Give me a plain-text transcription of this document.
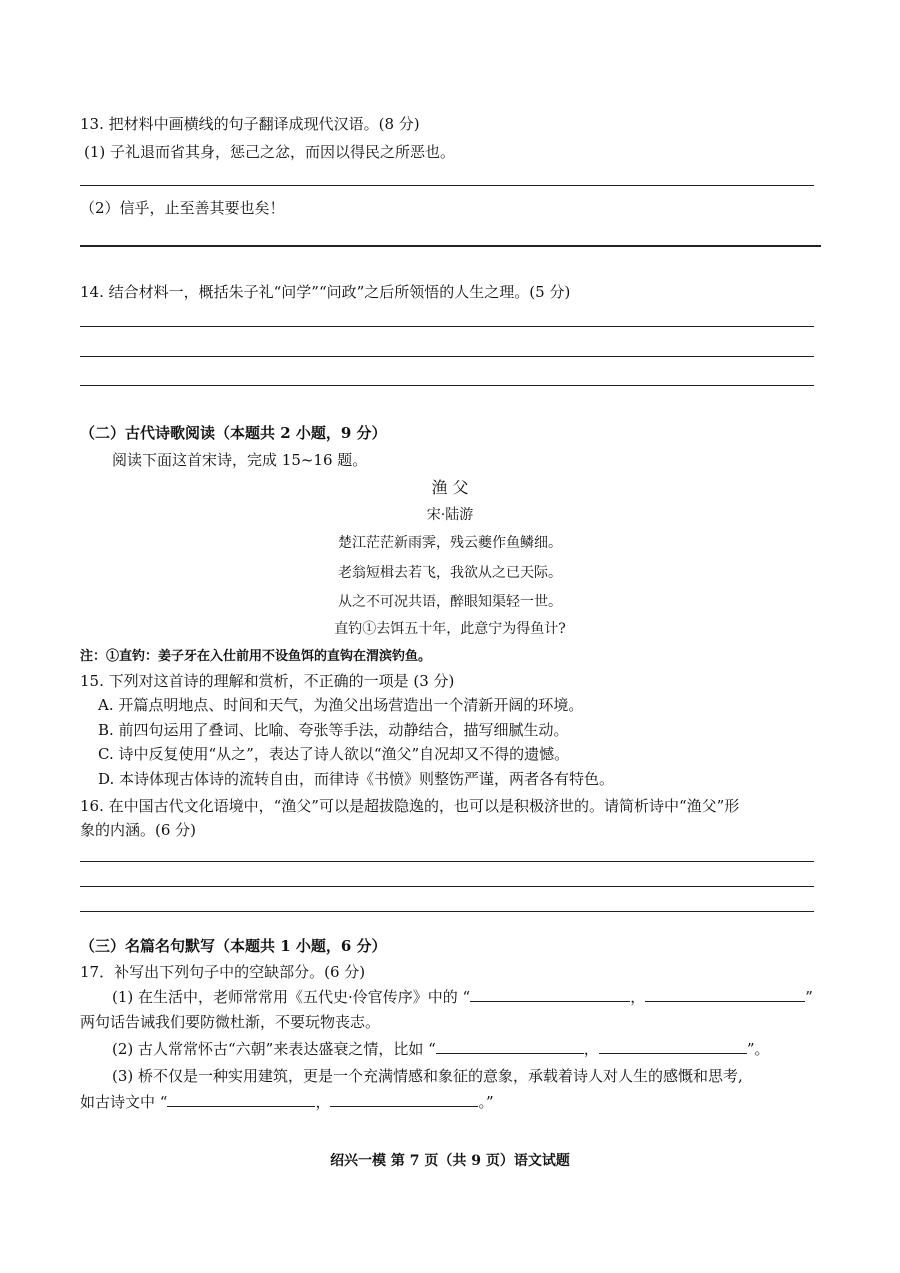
13. 把材料中画横线的句子翻译成现代汉语。(8 分)
(1) 子礼退而省其身，惩己之忿，而因以得民之所恶也。
（2）信乎，止至善其要也矣！
14. 结合材料一，概括朱子礼“问学”“问政”之后所领悟的人生之理。(5 分)
（二）古代诗歌阅读（本题共 2 小题，9 分）
阅读下面这首宋诗，完成 15~16 题。
渔 父
宋·陆游
楚江茫茫新雨霁，残云夔作鱼鳞细。
老翁短楫去若飞，我欲从之已天际。
从之不可况共语，醉眼知渠轻一世。
直钓①去饵五十年，此意宁为得鱼计?
注：①直钓：姜子牙在入仕前用不设鱼饵的直钩在渭滨钓鱼。
15. 下列对这首诗的理解和赏析，不正确的一项是 (3 分)
A. 开篇点明地点、时间和天气，为渔父出场营造出一个清新开阔的环境。
B. 前四句运用了叠词、比喻、夸张等手法，动静结合，描写细腻生动。
C. 诗中反复使用“从之”，表达了诗人欲以“渔父”自况却又不得的遗憾。
D. 本诗体现古体诗的流转自由，而律诗《书愤》则整饬严谨，两者各有特色。
16. 在中国古代文化语境中，“渔父”可以是超拔隐逸的，也可以是积极济世的。请简析诗中“渔父”形
象的内涵。(6 分)
（三）名篇名句默写（本题共 1 小题，6 分）
17．补写出下列句子中的空缺部分。(6 分)
(1) 在生活中，老师常常用《五代史·伶官传序》中的 “	，	”
两句话告诫我们要防微杜渐，不要玩物丧志。
(2) 古人常常怀古“六朝”来表达盛衰之情，比如 “	，	”。
(3) 桥不仅是一种实用建筑，更是一个充满情感和象征的意象，承载着诗人对人生的感慨和思考,
如古诗文中 “	，	。”
绍兴一模 第 7 页（共 9 页）语文试题
